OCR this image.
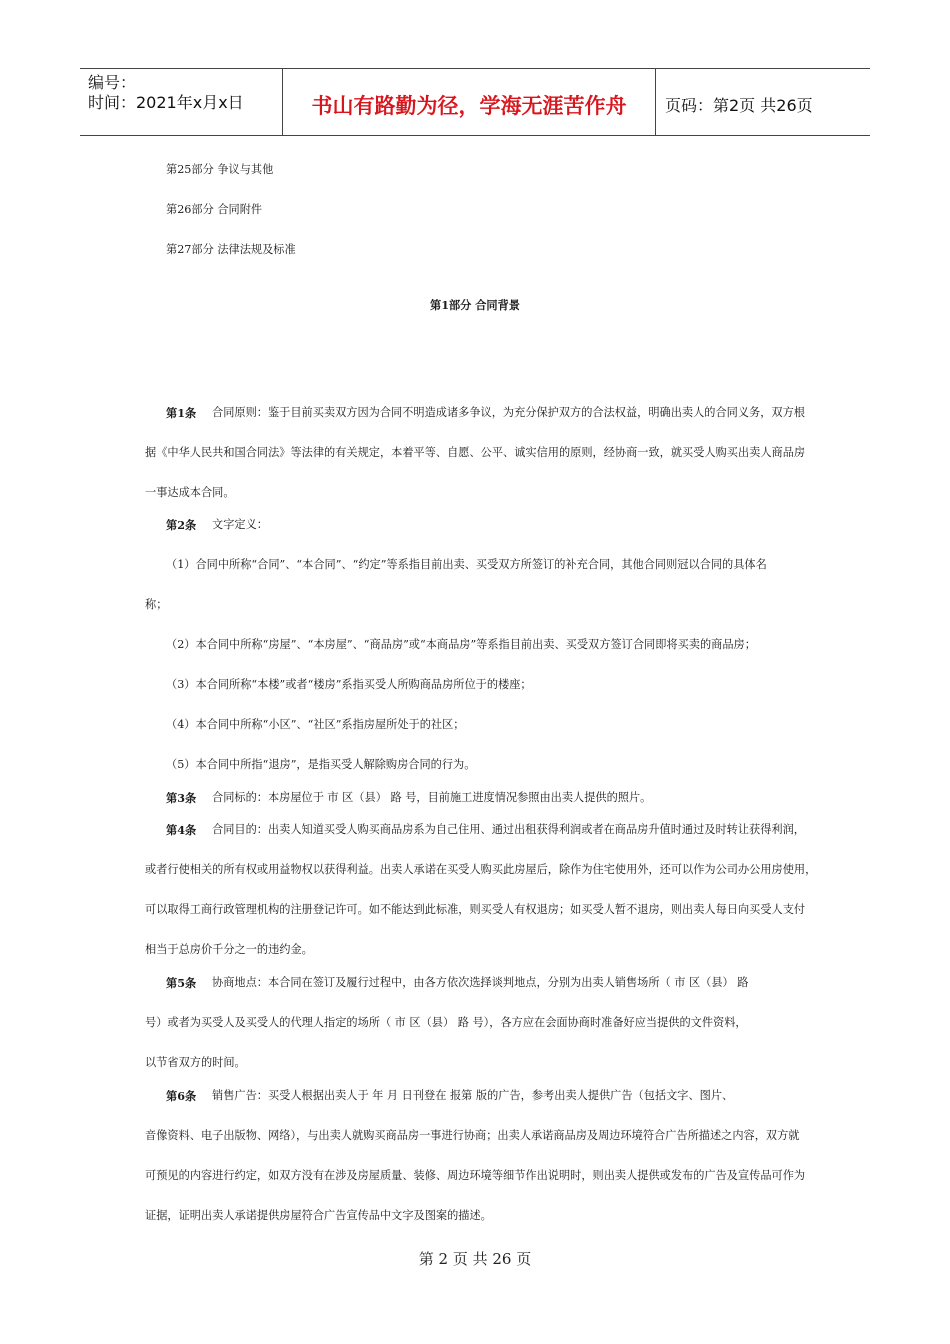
编号：
时间：2021年x月x日	书山有路勤为径，学海无涯苦作舟	页码：第2页 共26页
第25部分 争议与其他
第26部分 合同附件
第27部分 法律法规及标准
第1部分 合同背景
第1条 合同原则：鉴于目前买卖双方因为合同不明造成诸多争议，为充分保护双方的合法权益，明确出卖人的合同义务，双方根
据《中华人民共和国合同法》等法律的有关规定，本着平等、自愿、公平、诚实信用的原则，经协商一致，就买受人购买出卖人商品房
一事达成本合同。
第2条 文字定义：
（1）合同中所称“合同”、“本合同”、“约定”等系指目前出卖、买受双方所签订的补充合同，其他合同则冠以合同的具体名
称；
（2）本合同中所称“房屋”、“本房屋”、“商品房”或“本商品房”等系指目前出卖、买受双方签订合同即将买卖的商品房；
（3）本合同所称“本楼”或者“楼房”系指买受人所购商品房所位于的楼座；
（4）本合同中所称“小区”、“社区”系指房屋所处于的社区；
（5）本合同中所指“退房”，是指买受人解除购房合同的行为。
第3条 合同标的：本房屋位于 市 区（县） 路 号，目前施工进度情况参照由出卖人提供的照片。
第4条 合同目的：出卖人知道买受人购买商品房系为自己住用、通过出租获得利润或者在商品房升值时通过及时转让获得利润，
或者行使相关的所有权或用益物权以获得利益。出卖人承诺在买受人购买此房屋后，除作为住宅使用外，还可以作为公司办公用房使用，
可以取得工商行政管理机构的注册登记许可。如不能达到此标准，则买受人有权退房；如买受人暂不退房，则出卖人每日向买受人支付
相当于总房价千分之一的违约金。
第5条 协商地点：本合同在签订及履行过程中，由各方依次选择谈判地点，分别为出卖人销售场所（ 市 区（县） 路
号）或者为买受人及买受人的代理人指定的场所（ 市 区（县） 路 号），各方应在会面协商时准备好应当提供的文件资料，
以节省双方的时间。
第6条 销售广告：买受人根据出卖人于 年 月 日刊登在 报第 版的广告，参考出卖人提供广告（包括文字、图片、
音像资料、电子出版物、网络），与出卖人就购买商品房一事进行协商；出卖人承诺商品房及周边环境符合广告所描述之内容，双方就
可预见的内容进行约定，如双方没有在涉及房屋质量、装修、周边环境等细节作出说明时，则出卖人提供或发布的广告及宣传品可作为
证据，证明出卖人承诺提供房屋符合广告宣传品中文字及图案的描述。
第 2 页 共 26 页
